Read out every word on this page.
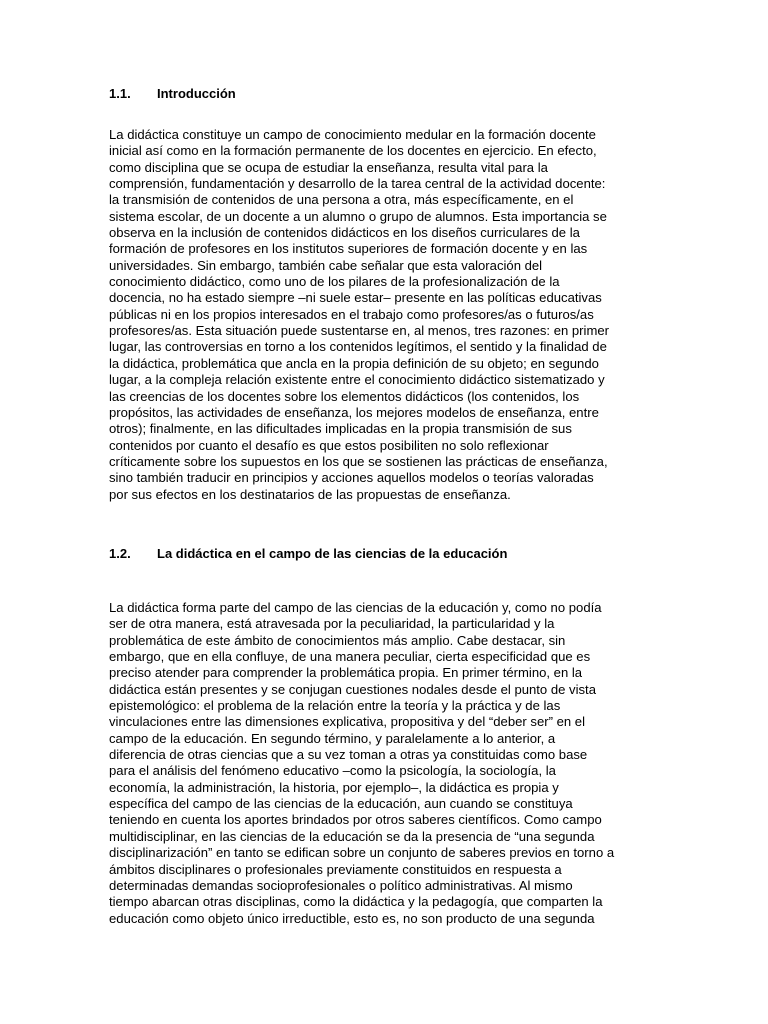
1.1. Introducción

La didáctica constituye un campo de conocimiento medular en la formación docente
inicial así como en la formación permanente de los docentes en ejercicio. En efecto,
como disciplina que se ocupa de estudiar la enseñanza, resulta vital para la
comprensión, fundamentación y desarrollo de la tarea central de la actividad docente:
la transmisión de contenidos de una persona a otra, más específicamente, en el
sistema escolar, de un docente a un alumno o grupo de alumnos. Esta importancia se
observa en la inclusión de contenidos didácticos en los diseños curriculares de la
formación de profesores en los institutos superiores de formación docente y en las
universidades. Sin embargo, también cabe señalar que esta valoración del
conocimiento didáctico, como uno de los pilares de la profesionalización de la
docencia, no ha estado siempre –ni suele estar– presente en las políticas educativas
públicas ni en los propios interesados en el trabajo como profesores/as o futuros/as
profesores/as. Esta situación puede sustentarse en, al menos, tres razones: en primer
lugar, las controversias en torno a los contenidos legítimos, el sentido y la finalidad de
la didáctica, problemática que ancla en la propia definición de su objeto; en segundo
lugar, a la compleja relación existente entre el conocimiento didáctico sistematizado y
las creencias de los docentes sobre los elementos didácticos (los contenidos, los
propósitos, las actividades de enseñanza, los mejores modelos de enseñanza, entre
otros); finalmente, en las dificultades implicadas en la propia transmisión de sus
contenidos por cuanto el desafío es que estos posibiliten no solo reflexionar
críticamente sobre los supuestos en los que se sostienen las prácticas de enseñanza,
sino también traducir en principios y acciones aquellos modelos o teorías valoradas
por sus efectos en los destinatarios de las propuestas de enseñanza.

1.2. La didáctica en el campo de las ciencias de la educación

La didáctica forma parte del campo de las ciencias de la educación y, como no podía
ser de otra manera, está atravesada por la peculiaridad, la particularidad y la
problemática de este ámbito de conocimientos más amplio. Cabe destacar, sin
embargo, que en ella confluye, de una manera peculiar, cierta especificidad que es
preciso atender para comprender la problemática propia. En primer término, en la
didáctica están presentes y se conjugan cuestiones nodales desde el punto de vista
epistemológico: el problema de la relación entre la teoría y la práctica y de las
vinculaciones entre las dimensiones explicativa, propositiva y del “deber ser” en el
campo de la educación. En segundo término, y paralelamente a lo anterior, a
diferencia de otras ciencias que a su vez toman a otras ya constituidas como base
para el análisis del fenómeno educativo –como la psicología, la sociología, la
economía, la administración, la historia, por ejemplo–, la didáctica es propia y
específica del campo de las ciencias de la educación, aun cuando se constituya
teniendo en cuenta los aportes brindados por otros saberes científicos. Como campo
multidisciplinar, en las ciencias de la educación se da la presencia de “una segunda
disciplinarización” en tanto se edifican sobre un conjunto de saberes previos en torno a
ámbitos disciplinares o profesionales previamente constituidos en respuesta a
determinadas demandas socioprofesionales o político administrativas. Al mismo
tiempo abarcan otras disciplinas, como la didáctica y la pedagogía, que comparten la
educación como objeto único irreductible, esto es, no son producto de una segunda
